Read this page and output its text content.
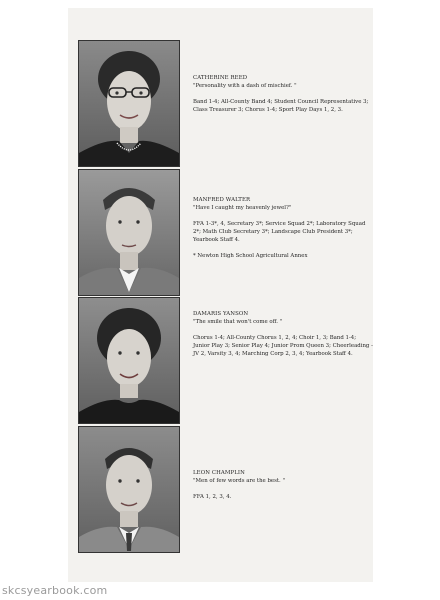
CATHERINE REED
"Personality with a dash of mischief. "
Band 1-4; All-County Band 4; Student Council Representative 3; Class Treasurer 3; Chorus 1-4; Sport Play Days 1, 2, 3.
MANFRED WALTER
"Have I caught my heavenly jewel?"
FFA 1-3*, 4, Secretary 3*; Service Squad 2*; Laboratory Squad 2*; Math Club Secretary 3*; Landscape Club President 3*; Yearbook Staff 4.
* Newton High School Agricultural Annex
DAMARIS YANSON
"The smile that won't come off. "
Chorus 1-4; All-County Chorus 1, 2, 4; Choir 1, 3; Band 1-4; Junior Play 3; Senior Play 4; Junior Prom Queen 3; Cheerleading - JV 2, Varsity 3, 4; Marching Corp 2, 3, 4; Yearbook Staff 4.
LEON CHAMPLIN
"Men of few words are the best. "
FFA 1, 2, 3, 4.
skcsyearbook.com
